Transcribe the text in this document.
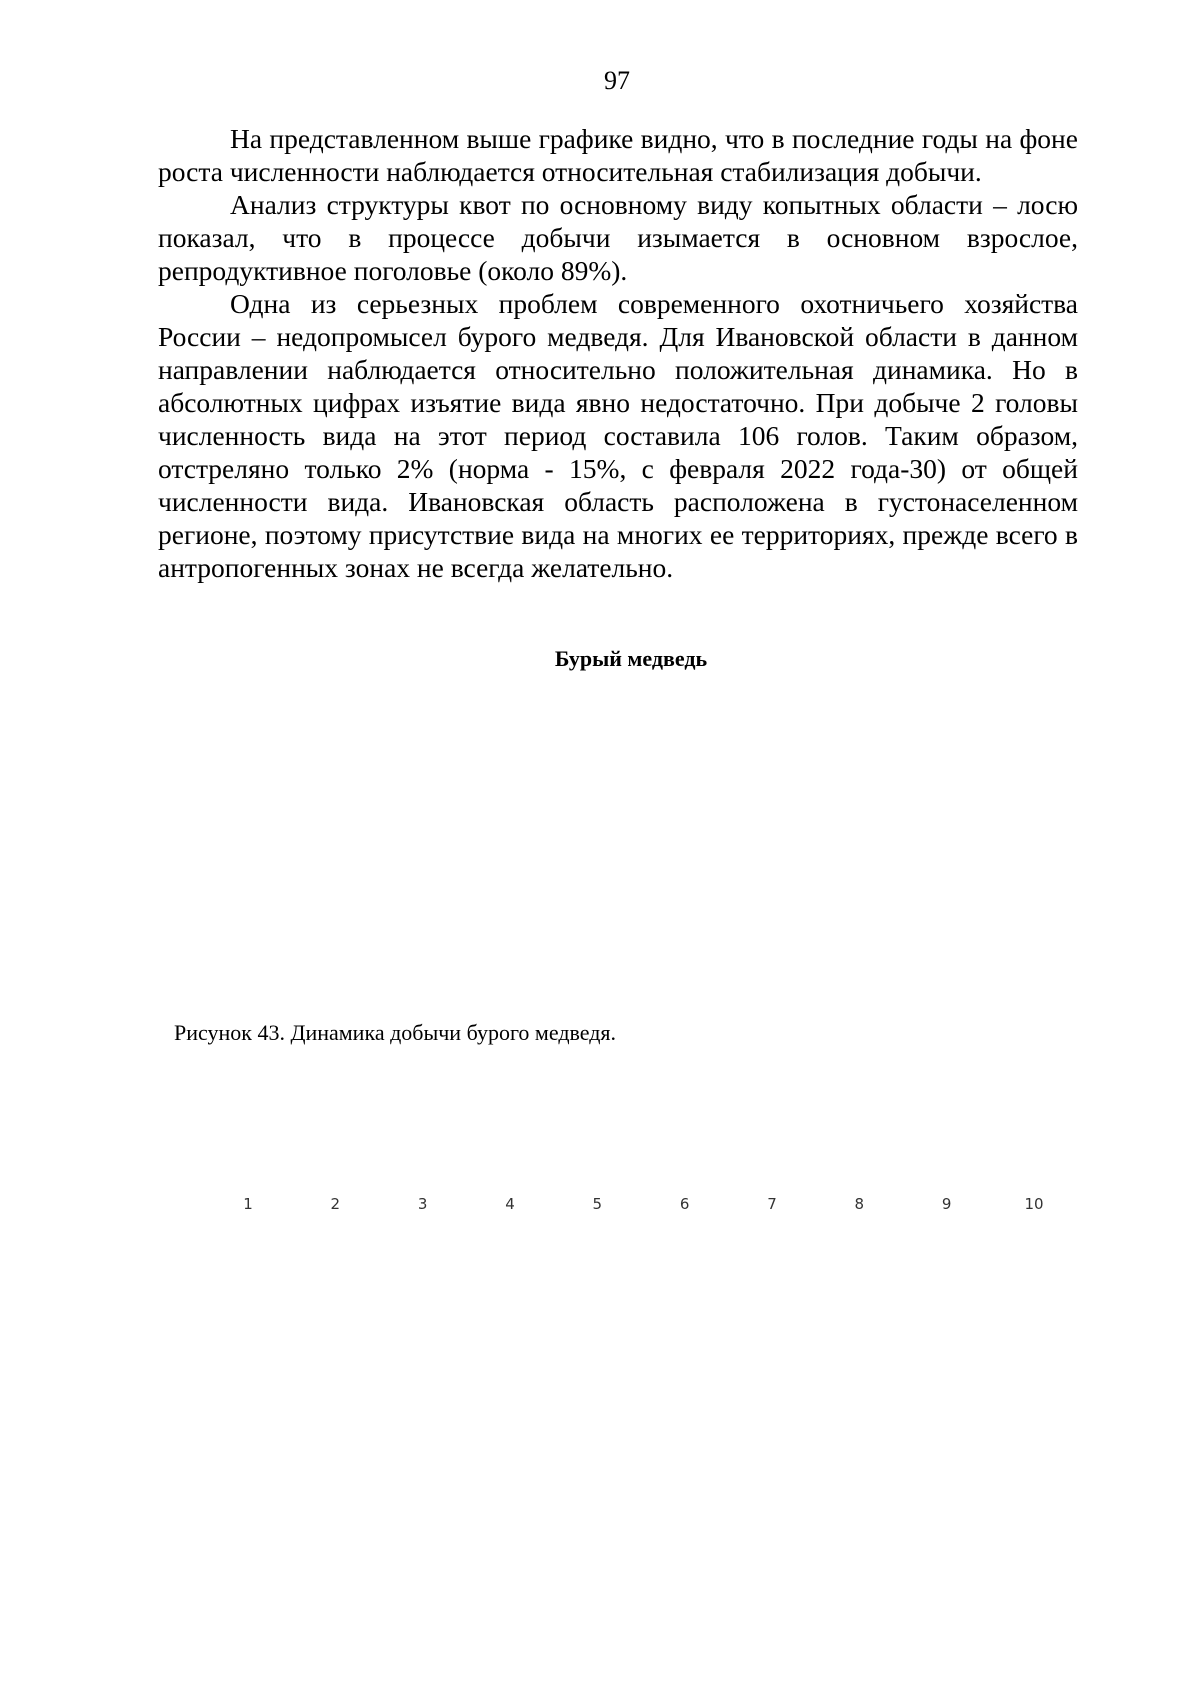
97

На представленном выше графике видно, что в последние годы на фоне роста численности наблюдается относительная стабилизация добычи.

Анализ структуры квот по основному виду копытных области – лосю показал, что в процессе добычи изымается в основном взрослое, репродуктивное поголовье (около 89%).

Одна из серьезных проблем современного охотничьего хозяйства России – недопромысел бурого медведя. Для Ивановской области в данном направлении наблюдается относительно положительная динамика. Но в абсолютных цифрах изъятие вида явно недостаточно. При добыче 2 головы численность вида на этот период составила 106 голов. Таким образом, отстреляно только 2% (норма - 15%, с февраля 2022 года-30) от общей численности вида. Ивановская область расположена в густонаселенном регионе, поэтому присутствие вида на многих ее территориях, прежде всего в антропогенных зонах не всегда желательно.

Бурый медведь
Рисунок 43. Динамика добычи бурого медведя.
1	2	3	4	5	6	7	8	9	10
